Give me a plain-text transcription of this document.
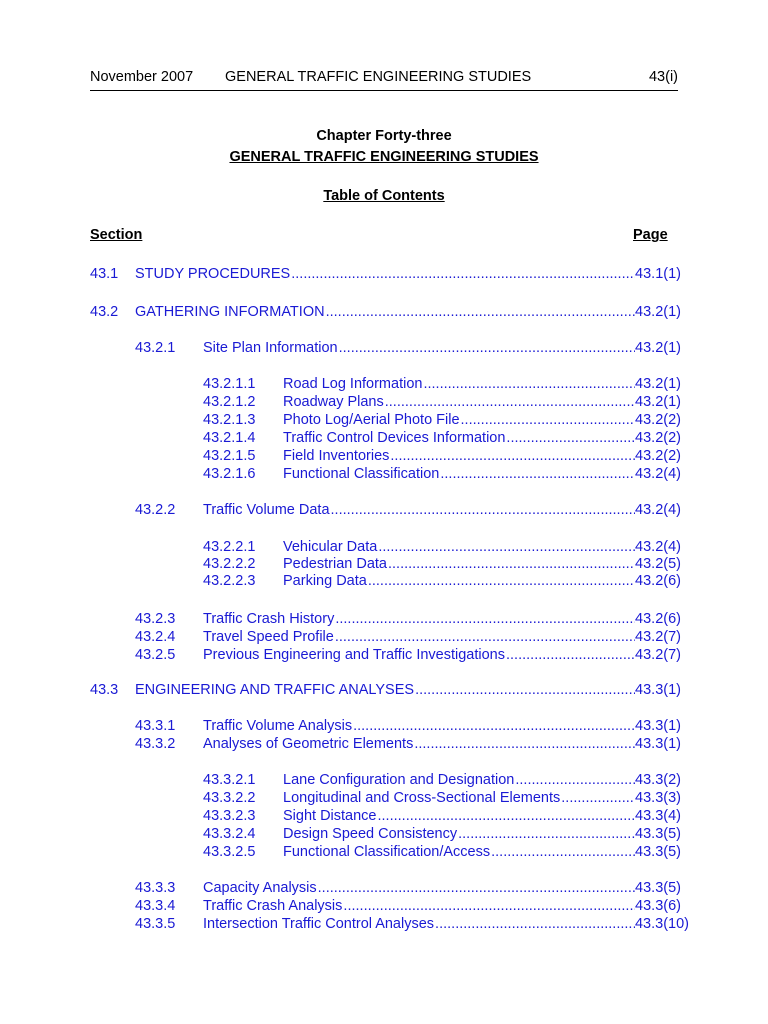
November 2007 GENERAL TRAFFIC ENGINEERING STUDIES	43(i)
Chapter Forty-three
GENERAL TRAFFIC ENGINEERING STUDIES
Table of Contents
Section	Page
43.1 STUDY PROCEDURES .....	43.1(1)
43.2 GATHERING INFORMATION .....	43.2(1)
43.2.1 Site Plan Information .....	43.2(1)
43.2.1.1 Road Log Information .....	43.2(1)
43.2.1.2 Roadway Plans .....	43.2(1)
43.2.1.3 Photo Log/Aerial Photo File .....	43.2(2)
43.2.1.4 Traffic Control Devices Information .....	43.2(2)
43.2.1.5 Field Inventories .....	43.2(2)
43.2.1.6 Functional Classification .....	43.2(4)
43.2.2 Traffic Volume Data .....	43.2(4)
43.2.2.1 Vehicular Data .....	43.2(4)
43.2.2.2 Pedestrian Data .....	43.2(5)
43.2.2.3 Parking Data .....	43.2(6)
43.2.3 Traffic Crash History .....	43.2(6)
43.2.4 Travel Speed Profile .....	43.2(7)
43.2.5 Previous Engineering and Traffic Investigations .....	43.2(7)
43.3 ENGINEERING AND TRAFFIC ANALYSES .....	43.3(1)
43.3.1 Traffic Volume Analysis .....	43.3(1)
43.3.2 Analyses of Geometric Elements .....	43.3(1)
43.3.2.1 Lane Configuration and Designation .....	43.3(2)
43.3.2.2 Longitudinal and Cross-Sectional Elements .....	43.3(3)
43.3.2.3 Sight Distance .....	43.3(4)
43.3.2.4 Design Speed Consistency .....	43.3(5)
43.3.2.5 Functional Classification/Access .....	43.3(5)
43.3.3 Capacity Analysis .....	43.3(5)
43.3.4 Traffic Crash Analysis .....	43.3(6)
43.3.5 Intersection Traffic Control Analyses .....	43.3(10)
